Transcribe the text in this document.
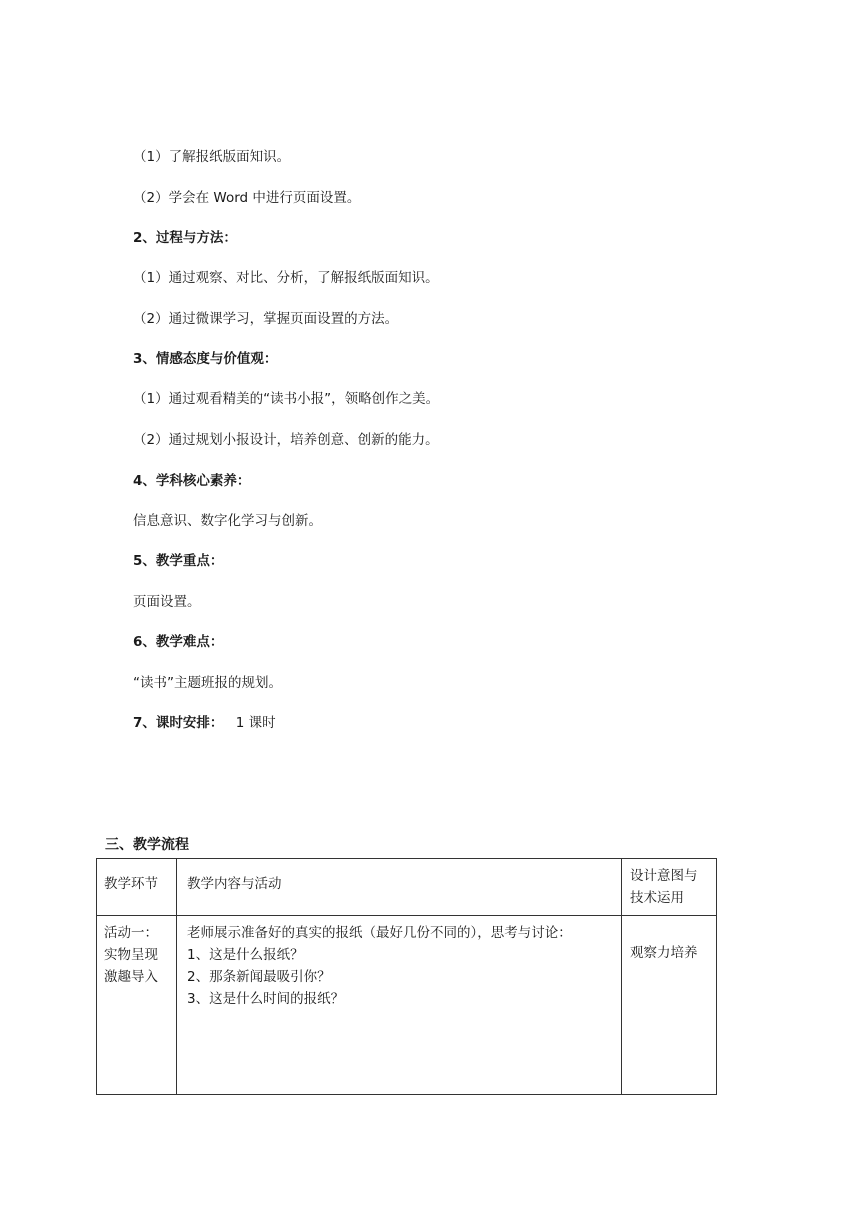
（1）了解报纸版面知识。
（2）学会在 Word 中进行页面设置。
2、过程与方法：
（1）通过观察、对比、分析，了解报纸版面知识。
（2）通过微课学习，掌握页面设置的方法。
3、情感态度与价值观：
（1）通过观看精美的“读书小报”，领略创作之美。
（2）通过规划小报设计，培养创意、创新的能力。
4、学科核心素养：
信息意识、数字化学习与创新。
5、教学重点：
页面设置。
6、教学难点：
“读书”主题班报的规划。
7、课时安排： 1 课时
三、教学流程
教学环节	教学内容与活动	设计意图与
技术运用

活动一：
实物呈现
激趣导入	老师展示准备好的真实的报纸（最好几份不同的），思考与讨论：
1、这是什么报纸？
2、那条新闻最吸引你？
3、这是什么时间的报纸？	观察力培养
